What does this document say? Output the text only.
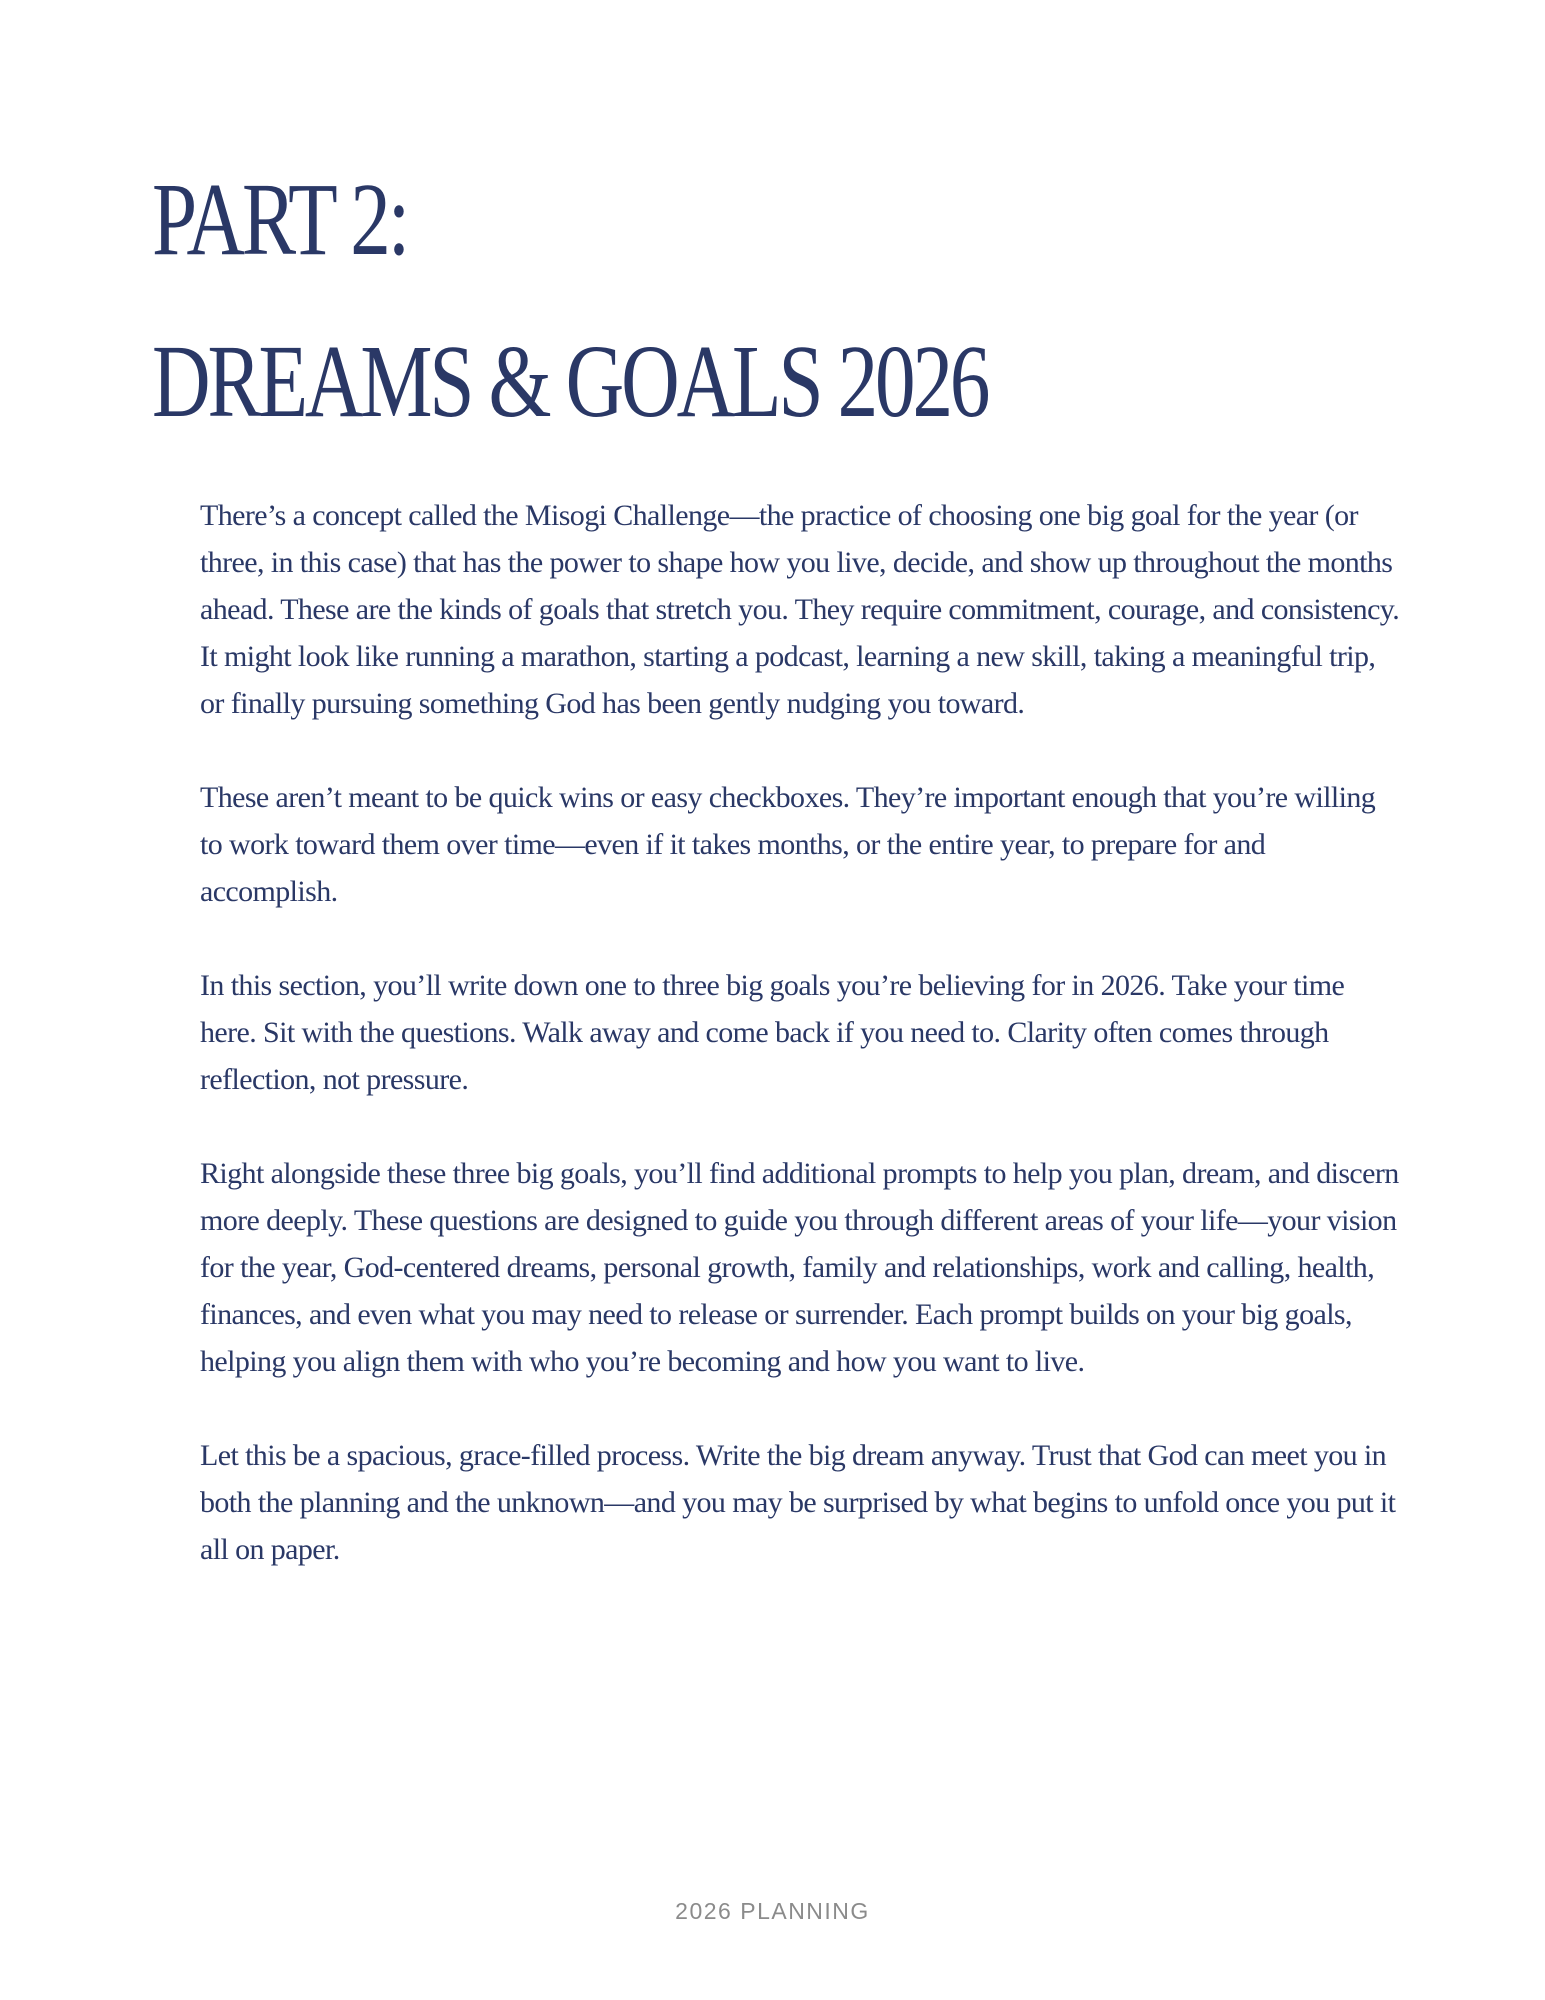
PART 2:
DREAMS & GOALS 2026

There’s a concept called the Misogi Challenge—the practice of choosing one big goal for the year (or three, in this case) that has the power to shape how you live, decide, and show up throughout the months ahead. These are the kinds of goals that stretch you. They require commitment, courage, and consistency. It might look like running a marathon, starting a podcast, learning a new skill, taking a meaningful trip, or finally pursuing something God has been gently nudging you toward.

These aren’t meant to be quick wins or easy checkboxes. They’re important enough that you’re willing to work toward them over time—even if it takes months, or the entire year, to prepare for and accomplish.

In this section, you’ll write down one to three big goals you’re believing for in 2026. Take your time here. Sit with the questions. Walk away and come back if you need to. Clarity often comes through reflection, not pressure.

Right alongside these three big goals, you’ll find additional prompts to help you plan, dream, and discern more deeply. These questions are designed to guide you through different areas of your life—your vision for the year, God-centered dreams, personal growth, family and relationships, work and calling, health, finances, and even what you may need to release or surrender. Each prompt builds on your big goals, helping you align them with who you’re becoming and how you want to live.

Let this be a spacious, grace-filled process. Write the big dream anyway. Trust that God can meet you in both the planning and the unknown—and you may be surprised by what begins to unfold once you put it all on paper.

2026 PLANNING
